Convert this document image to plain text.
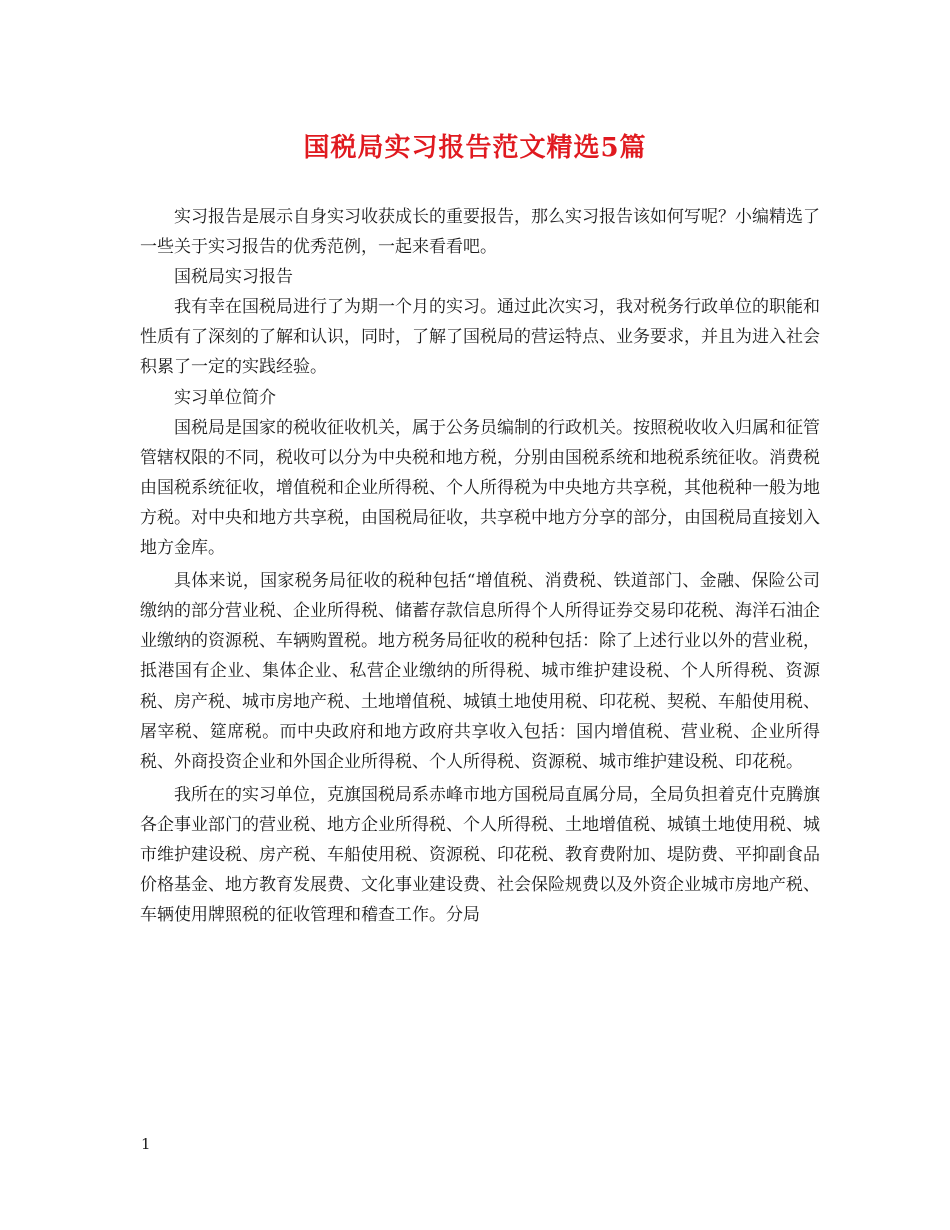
国税局实习报告范文精选5篇

实习报告是展示自身实习收获成长的重要报告，那么实习报告该如何写呢？小编精选了一些关于实习报告的优秀范例，一起来看看吧。

国税局实习报告

我有幸在国税局进行了为期一个月的实习。通过此次实习，我对税务行政单位的职能和性质有了深刻的了解和认识，同时，了解了国税局的营运特点、业务要求，并且为进入社会积累了一定的实践经验。

实习单位简介

国税局是国家的税收征收机关，属于公务员编制的行政机关。按照税收收入归属和征管管辖权限的不同，税收可以分为中央税和地方税，分别由国税系统和地税系统征收。消费税由国税系统征收，增值税和企业所得税、个人所得税为中央地方共享税，其他税种一般为地方税。对中央和地方共享税，由国税局征收，共享税中地方分享的部分，由国税局直接划入地方金库。

具体来说，国家税务局征收的税种包括“增值税、消费税、铁道部门、金融、保险公司缴纳的部分营业税、企业所得税、储蓄存款信息所得个人所得证券交易印花税、海洋石油企业缴纳的资源税、车辆购置税。地方税务局征收的税种包括：除了上述行业以外的营业税，抵港国有企业、集体企业、私营企业缴纳的所得税、城市维护建设税、个人所得税、资源税、房产税、城市房地产税、土地增值税、城镇土地使用税、印花税、契税、车船使用税、屠宰税、筵席税。而中央政府和地方政府共享收入包括：国内增值税、营业税、企业所得税、外商投资企业和外国企业所得税、个人所得税、资源税、城市维护建设税、印花税。

我所在的实习单位，克旗国税局系赤峰市地方国税局直属分局，全局负担着克什克腾旗各企事业部门的营业税、地方企业所得税、个人所得税、土地增值税、城镇土地使用税、城市维护建设税、房产税、车船使用税、资源税、印花税、教育费附加、堤防费、平抑副食品价格基金、地方教育发展费、文化事业建设费、社会保险规费以及外资企业城市房地产税、车辆使用牌照税的征收管理和稽查工作。分局

1
